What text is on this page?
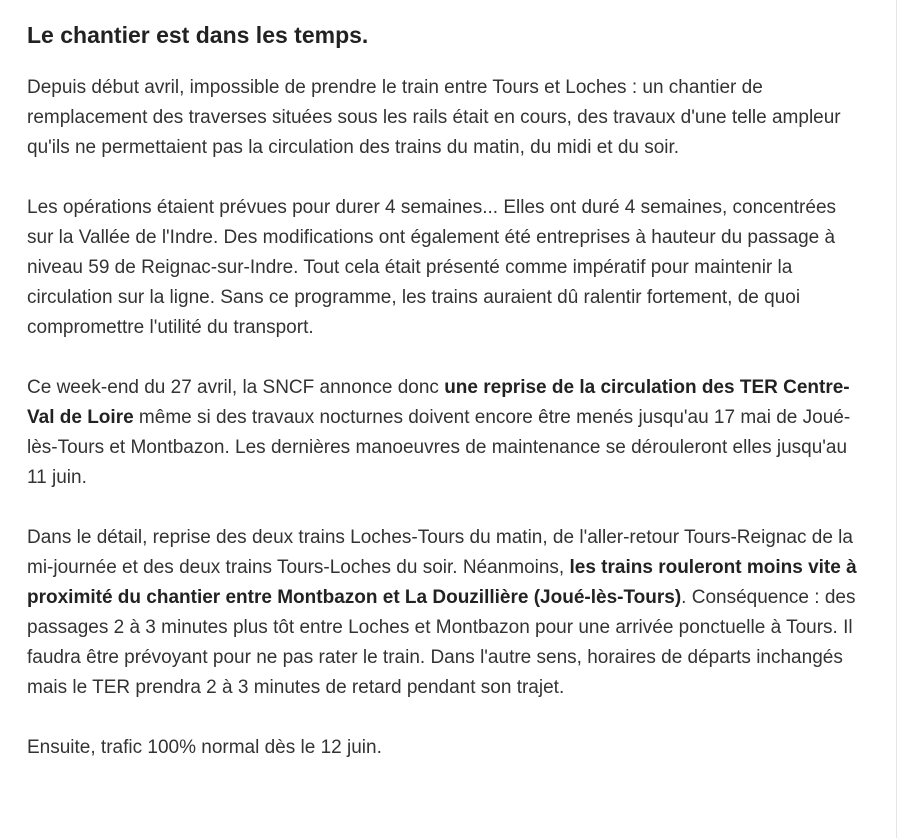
Le chantier est dans les temps.

Depuis début avril, impossible de prendre le train entre Tours et Loches : un chantier de remplacement des traverses situées sous les rails était en cours, des travaux d'une telle ampleur qu'ils ne permettaient pas la circulation des trains du matin, du midi et du soir.

Les opérations étaient prévues pour durer 4 semaines... Elles ont duré 4 semaines, concentrées sur la Vallée de l'Indre. Des modifications ont également été entreprises à hauteur du passage à niveau 59 de Reignac-sur-Indre. Tout cela était présenté comme impératif pour maintenir la circulation sur la ligne. Sans ce programme, les trains auraient dû ralentir fortement, de quoi compromettre l'utilité du transport.

Ce week-end du 27 avril, la SNCF annonce donc une reprise de la circulation des TER Centre-Val de Loire même si des travaux nocturnes doivent encore être menés jusqu'au 17 mai de Joué-lès-Tours et Montbazon. Les dernières manoeuvres de maintenance se dérouleront elles jusqu'au 11 juin.

Dans le détail, reprise des deux trains Loches-Tours du matin, de l'aller-retour Tours-Reignac de la mi-journée et des deux trains Tours-Loches du soir. Néanmoins, les trains rouleront moins vite à proximité du chantier entre Montbazon et La Douzillière (Joué-lès-Tours). Conséquence : des passages 2 à 3 minutes plus tôt entre Loches et Montbazon pour une arrivée ponctuelle à Tours. Il faudra être prévoyant pour ne pas rater le train. Dans l'autre sens, horaires de départs inchangés mais le TER prendra 2 à 3 minutes de retard pendant son trajet.

Ensuite, trafic 100% normal dès le 12 juin.
